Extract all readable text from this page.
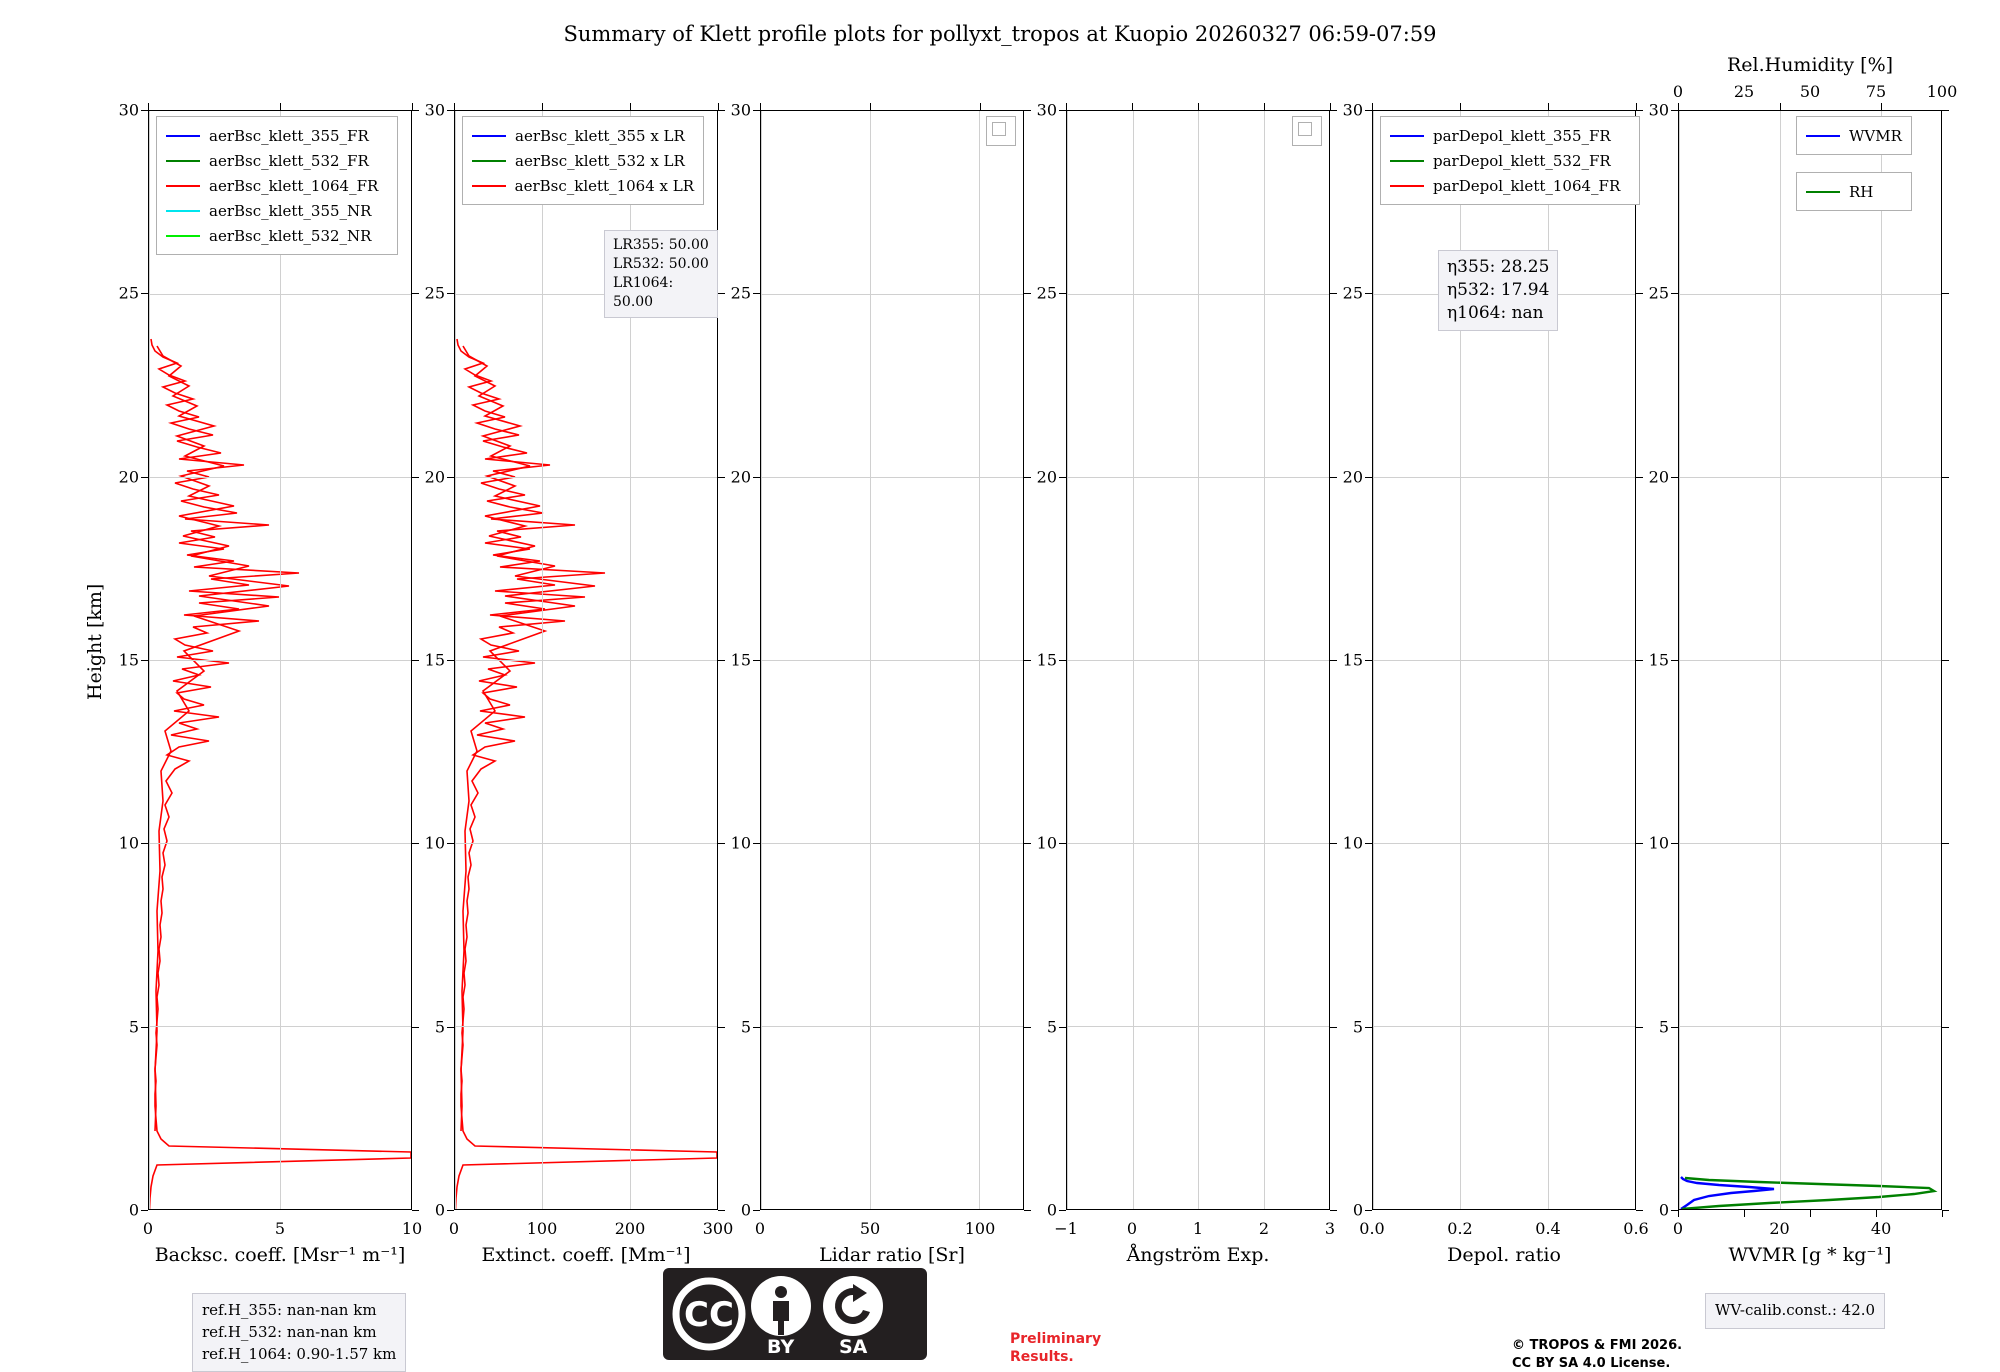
Summary of Klett profile plots for pollyxt_tropos at Kuopio 20260327 06:59-07:59
Height [km]
0
5
10
15
20
25
30
0	5	10
Backsc. coeff. [Msr⁻¹ m⁻¹]
aerBsc_klett_355_FR
aerBsc_klett_532_FR
aerBsc_klett_1064_FR
aerBsc_klett_355_NR
aerBsc_klett_532_NR
0
5
10
15
20
25
30
0	100	200	300
Extinct. coeff. [Mm⁻¹]
aerBsc_klett_355 x LR
aerBsc_klett_532 x LR
aerBsc_klett_1064 x LR
LR355: 50.00
LR532: 50.00
LR1064: 50.00
0
5
10
15
20
25
30
0	50	100
Lidar ratio [Sr]
0
5
10
15
20
25
30
−1	0	1	2	3
Ångström Exp.
0
5
10
15
20
25
30
0.0	0.2	0.4	0.6
Depol. ratio
parDepol_klett_355_FR
parDepol_klett_532_FR
parDepol_klett_1064_FR
η355: 28.25
η532: 17.94
η1064: nan
0
5
10
15
20
25
30
0	20	40
WVMR [g * kg⁻¹]
Rel.Humidity [%]
0	25	50	75	100
WVMR
RH
ref.H_355: nan-nan km
ref.H_532: nan-nan km
ref.H_1064: 0.90-1.57 km
WV-calib.const.: 42.0
Preliminary
Results.
© TROPOS & FMI 2026.
CC BY SA 4.0 License.
CC
BY SA
